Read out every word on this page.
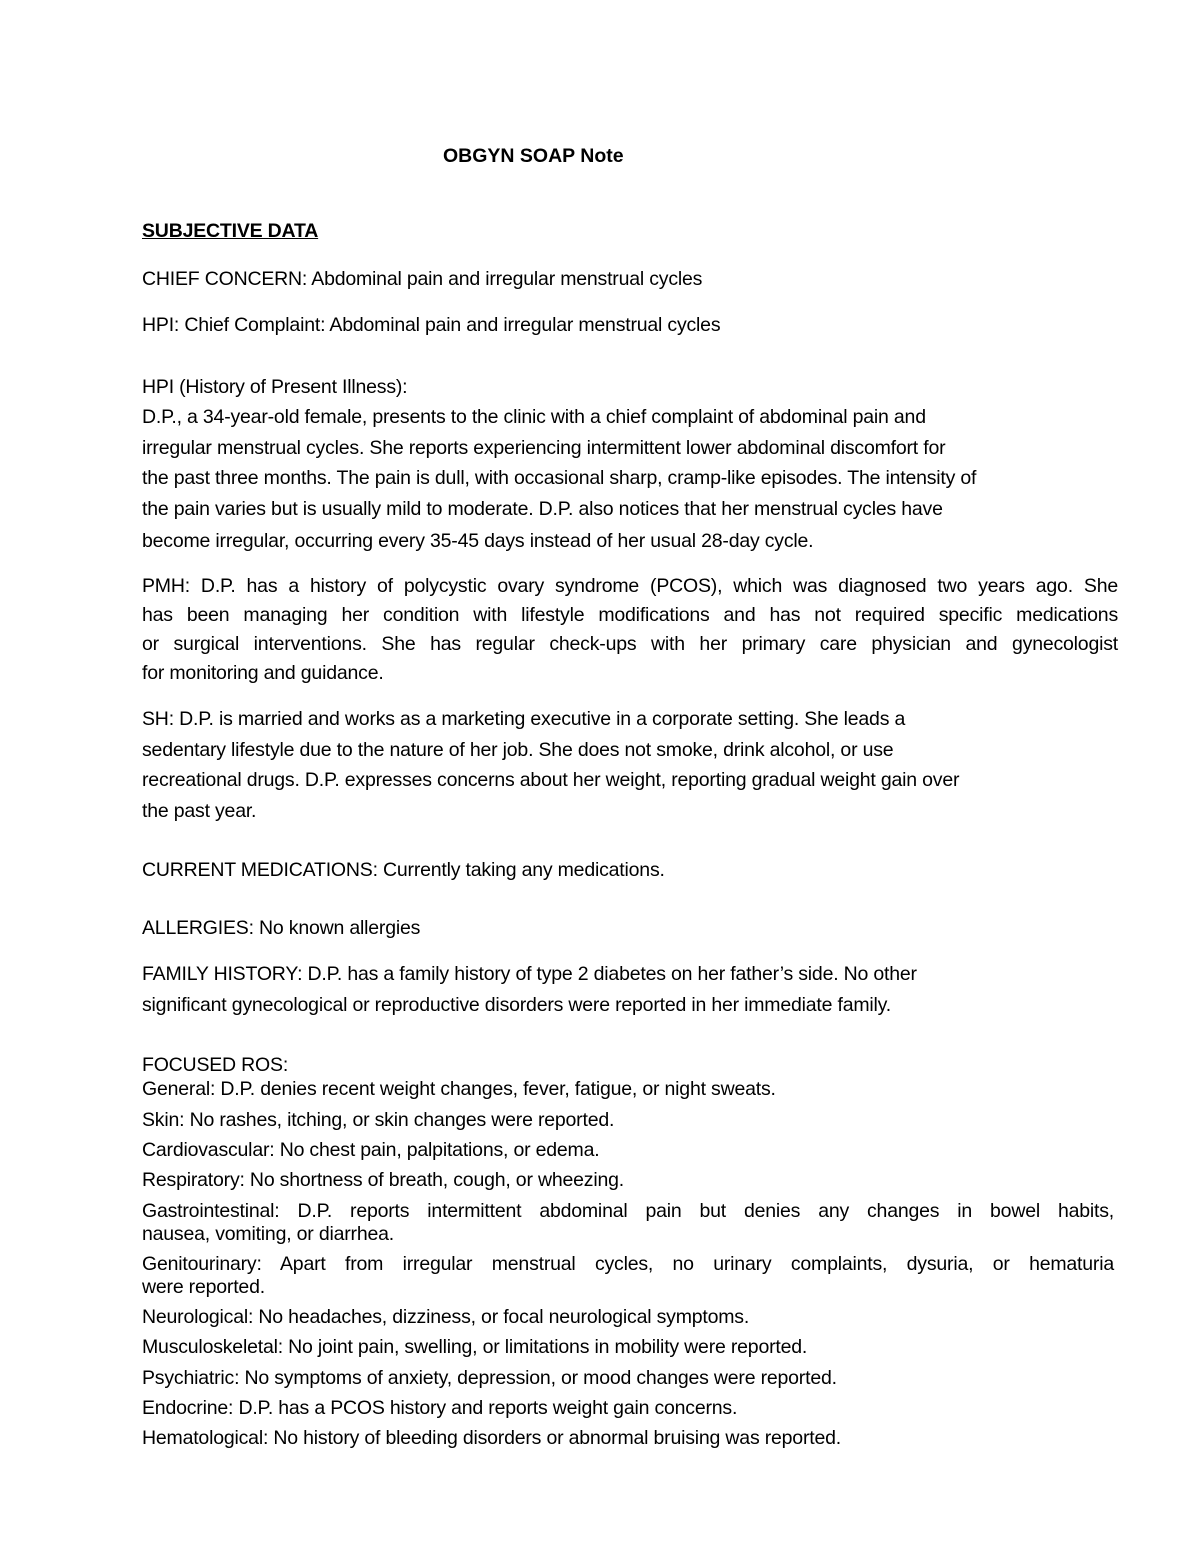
OBGYN SOAP Note
SUBJECTIVE DATA
CHIEF CONCERN: Abdominal pain and irregular menstrual cycles
HPI: Chief Complaint: Abdominal pain and irregular menstrual cycles
HPI (History of Present Illness):
D.P., a 34-year-old female, presents to the clinic with a chief complaint of abdominal pain and
irregular menstrual cycles. She reports experiencing intermittent lower abdominal discomfort for
the past three months. The pain is dull, with occasional sharp, cramp-like episodes. The intensity of
the pain varies but is usually mild to moderate. D.P. also notices that her menstrual cycles have
become irregular, occurring every 35-45 days instead of her usual 28-day cycle.
PMH: D.P. has a history of polycystic ovary syndrome (PCOS), which was diagnosed two years ago. She
has been managing her condition with lifestyle modifications and has not required specific medications
or surgical interventions. She has regular check-ups with her primary care physician and gynecologist
for monitoring and guidance.
SH: D.P. is married and works as a marketing executive in a corporate setting. She leads a
sedentary lifestyle due to the nature of her job. She does not smoke, drink alcohol, or use
recreational drugs. D.P. expresses concerns about her weight, reporting gradual weight gain over
the past year.
CURRENT MEDICATIONS: Currently taking any medications.
ALLERGIES: No known allergies
FAMILY HISTORY: D.P. has a family history of type 2 diabetes on her father’s side. No other
significant gynecological or reproductive disorders were reported in her immediate family.
FOCUSED ROS:
General: D.P. denies recent weight changes, fever, fatigue, or night sweats.
Skin: No rashes, itching, or skin changes were reported.
Cardiovascular: No chest pain, palpitations, or edema.
Respiratory: No shortness of breath, cough, or wheezing.
Gastrointestinal: D.P. reports intermittent abdominal pain but denies any changes in bowel habits,
nausea, vomiting, or diarrhea.
Genitourinary: Apart from irregular menstrual cycles, no urinary complaints, dysuria, or hematuria
were reported.
Neurological: No headaches, dizziness, or focal neurological symptoms.
Musculoskeletal: No joint pain, swelling, or limitations in mobility were reported.
Psychiatric: No symptoms of anxiety, depression, or mood changes were reported.
Endocrine: D.P. has a PCOS history and reports weight gain concerns.
Hematological: No history of bleeding disorders or abnormal bruising was reported.
